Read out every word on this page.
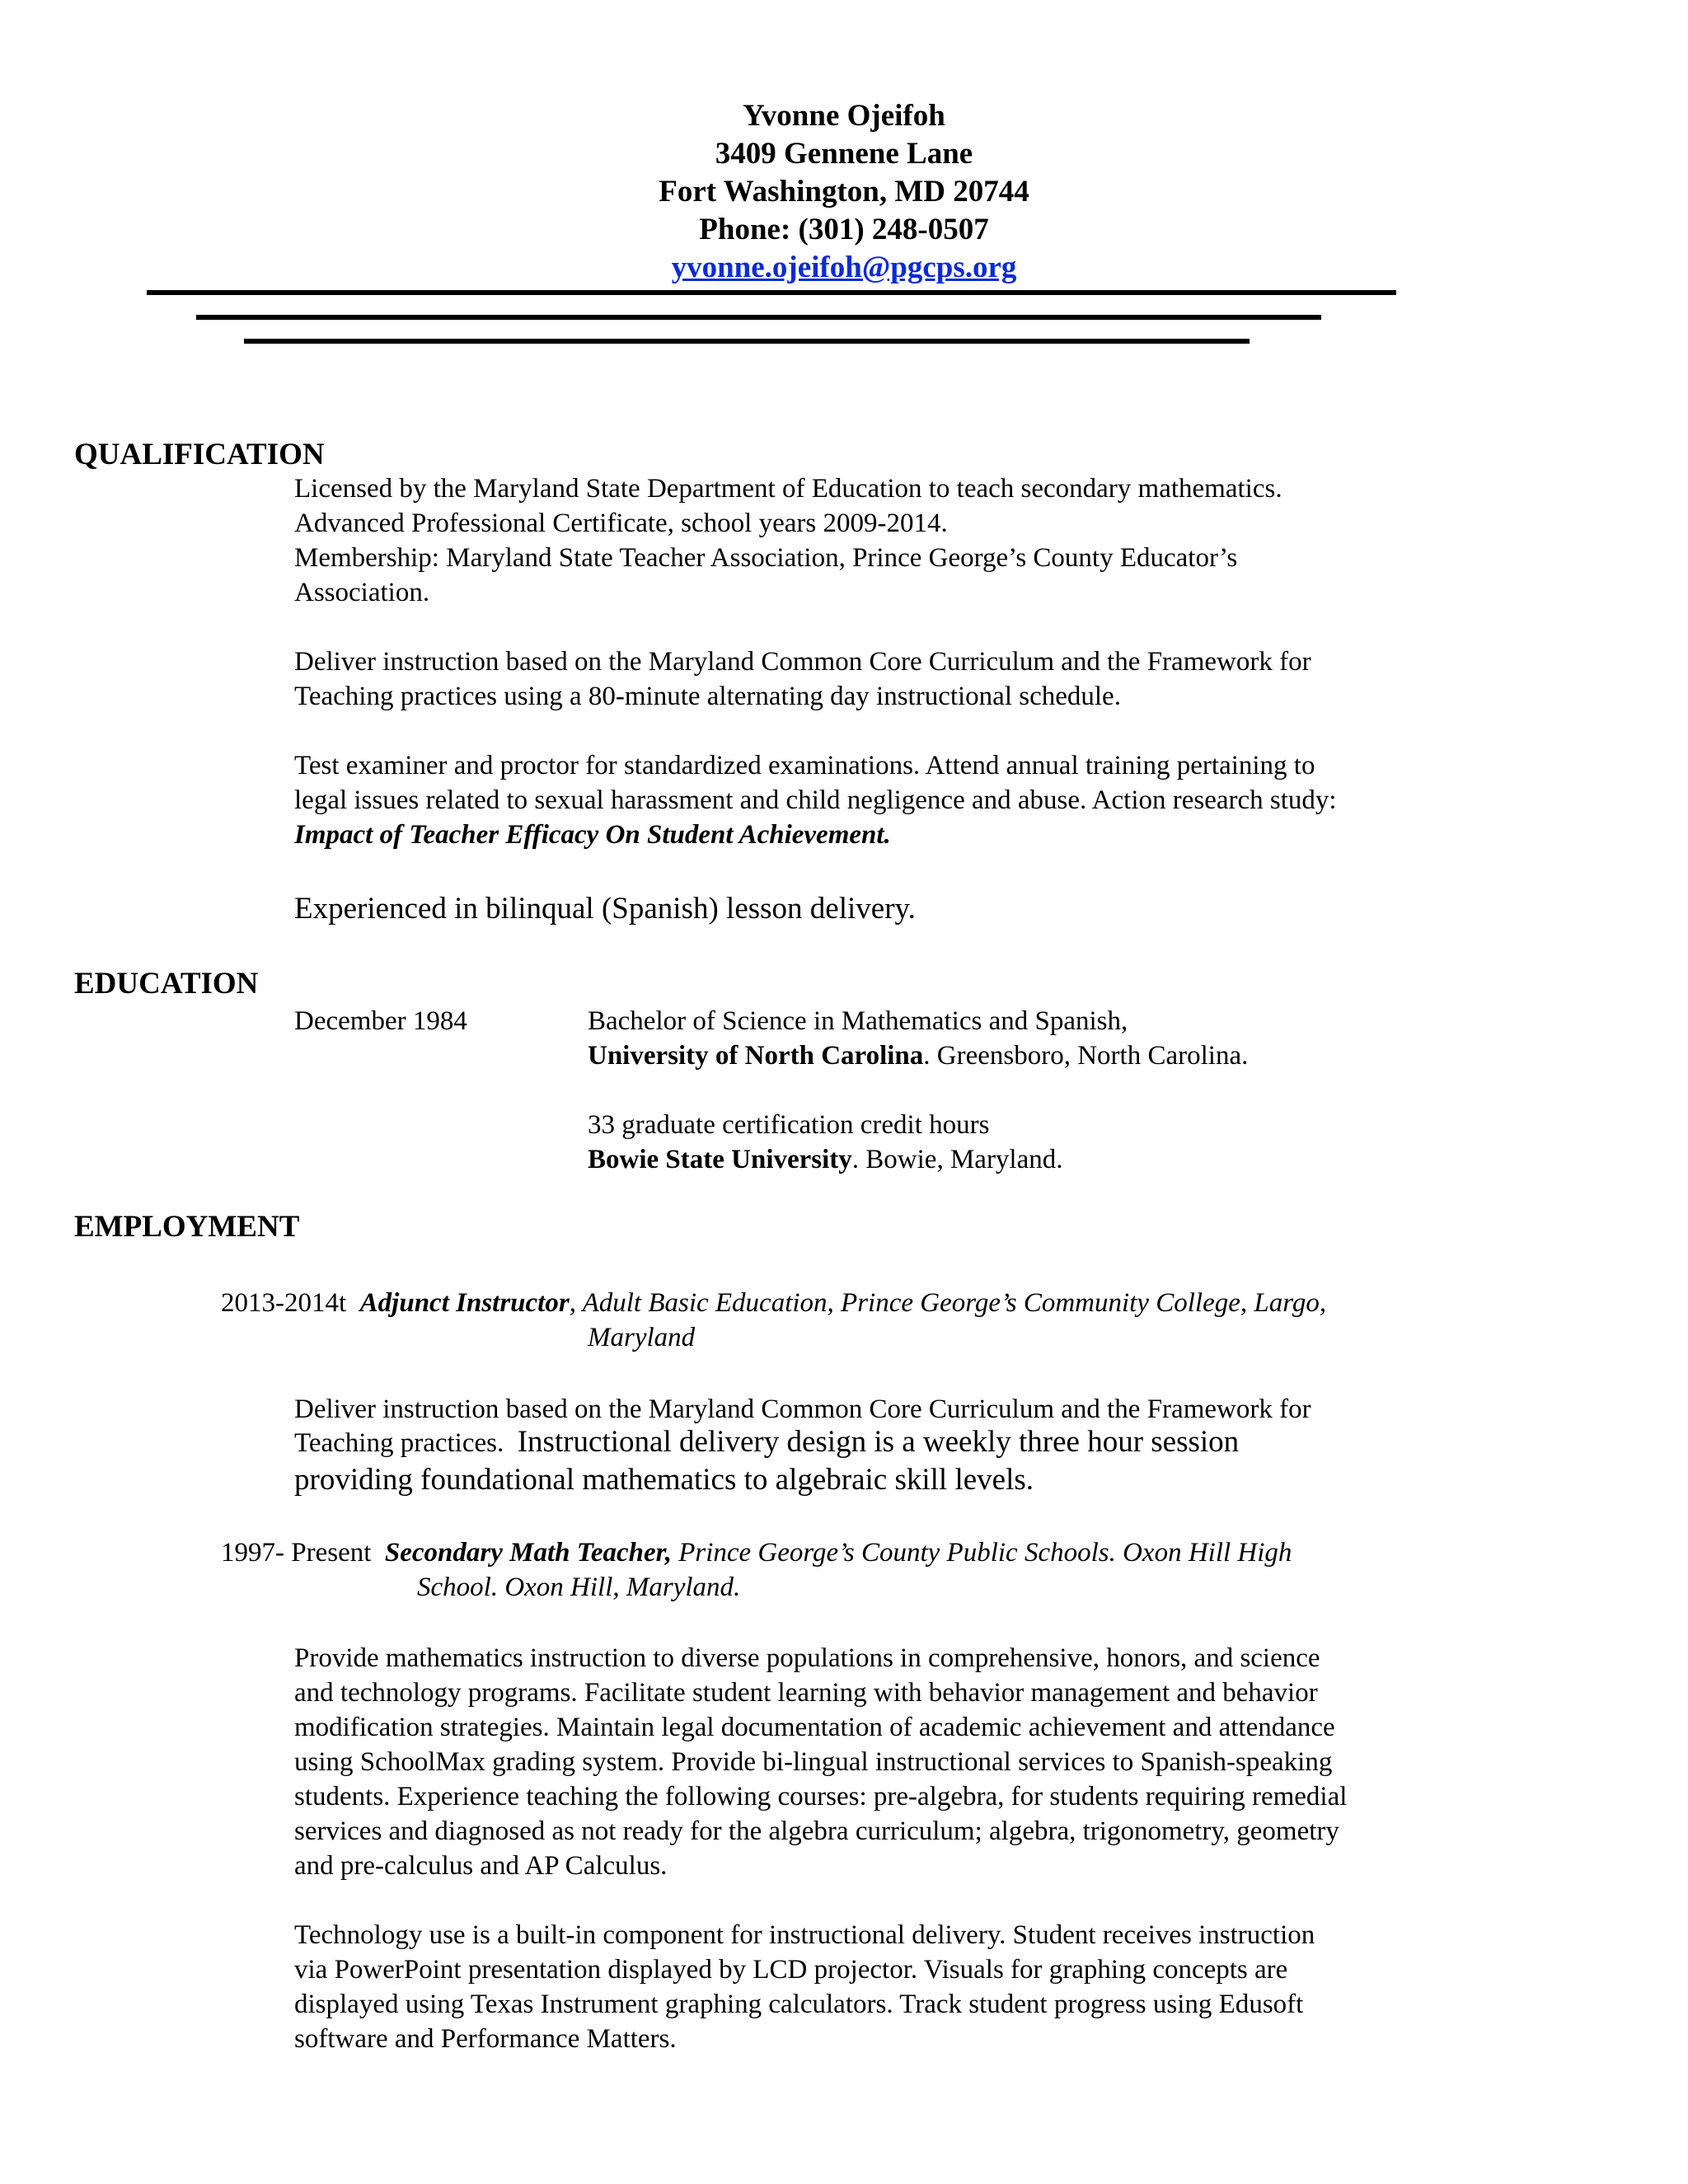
Yvonne Ojeifoh
3409 Gennene Lane
Fort Washington, MD 20744
Phone: (301) 248-0507
yvonne.ojeifoh@pgcps.org
QUALIFICATION
Licensed by the Maryland State Department of Education to teach secondary mathematics.
Advanced Professional Certificate, school years 2009-2014.
Membership: Maryland State Teacher Association, Prince George’s County Educator’s
Association.
Deliver instruction based on the Maryland Common Core Curriculum and the Framework for
Teaching practices using a 80-minute alternating day instructional schedule.
Test examiner and proctor for standardized examinations. Attend annual training pertaining to
legal issues related to sexual harassment and child negligence and abuse. Action research study:
Impact of Teacher Efficacy On Student Achievement.
Experienced in bilinqual (Spanish) lesson delivery.
EDUCATION
December 1984	Bachelor of Science in Mathematics and Spanish,
University of North Carolina. Greensboro, North Carolina.
33 graduate certification credit hours
Bowie State University. Bowie, Maryland.
EMPLOYMENT
2013-2014t Adjunct Instructor, Adult Basic Education, Prince George’s Community College, Largo,
Maryland
Deliver instruction based on the Maryland Common Core Curriculum and the Framework for
Teaching practices. Instructional delivery design is a weekly three hour session
providing foundational mathematics to algebraic skill levels.
1997- Present Secondary Math Teacher, Prince George’s County Public Schools. Oxon Hill High
School. Oxon Hill, Maryland.
Provide mathematics instruction to diverse populations in comprehensive, honors, and science
and technology programs. Facilitate student learning with behavior management and behavior
modification strategies. Maintain legal documentation of academic achievement and attendance
using SchoolMax grading system. Provide bi-lingual instructional services to Spanish-speaking
students. Experience teaching the following courses: pre-algebra, for students requiring remedial
services and diagnosed as not ready for the algebra curriculum; algebra, trigonometry, geometry
and pre-calculus and AP Calculus.
Technology use is a built-in component for instructional delivery. Student receives instruction
via PowerPoint presentation displayed by LCD projector. Visuals for graphing concepts are
displayed using Texas Instrument graphing calculators. Track student progress using Edusoft
software and Performance Matters.
